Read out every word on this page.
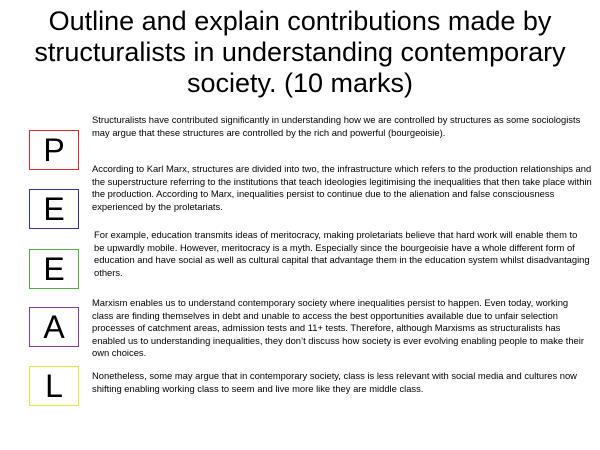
Outline and explain contributions made by structuralists in understanding contemporary society. (10 marks)
P
E
E
A
L

Structuralists have contributed significantly in understanding how we are controlled by structures as some sociologists may argue that these structures are controlled by the rich and powerful (bourgeoisie).

According to Karl Marx, structures are divided into two, the infrastructure which refers to the production relationships and the superstructure referring to the institutions that teach ideologies legitimising the inequalities that then take place within the production. According to Marx, inequalities persist to continue due to the alienation and false consciousness experienced by the proletariats.

For example, education transmits ideas of meritocracy, making proletariats believe that hard work will enable them to be upwardly mobile. However, meritocracy is a myth. Especially since the bourgeoisie have a whole different form of education and have social as well as cultural capital that advantage them in the education system whilst disadvantaging others.

Marxism enables us to understand contemporary society where inequalities persist to happen. Even today, working class are finding themselves in debt and unable to access the best opportunities available due to unfair selection processes of catchment areas, admission tests and 11+ tests. Therefore, although Marxisms as structuralists has enabled us to understanding inequalities, they don’t discuss how society is ever evolving enabling people to make their own choices.

Nonetheless, some may argue that in contemporary society, class is less relevant with social media and cultures now shifting enabling working class to seem and live more like they are middle class.
